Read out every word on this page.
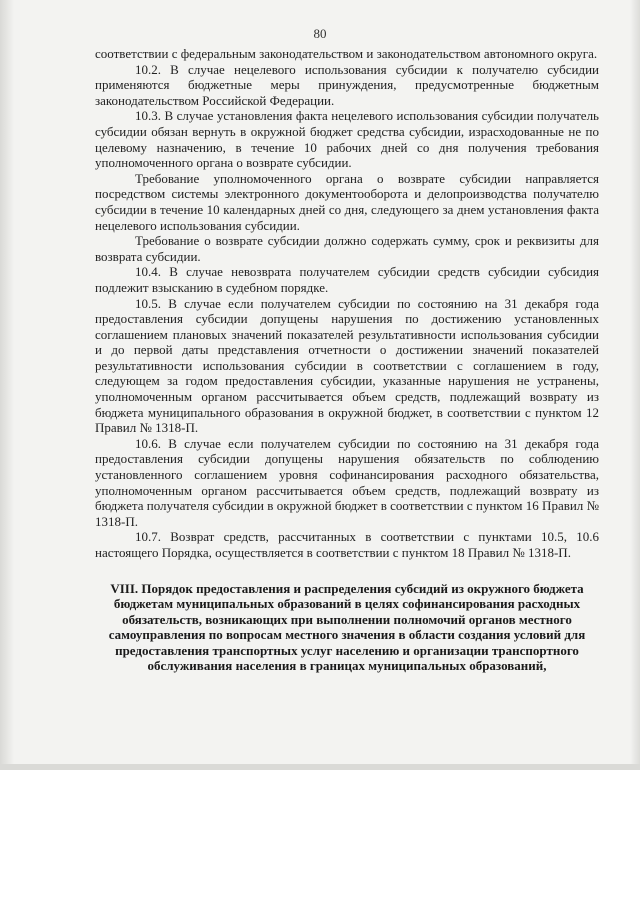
80

соответствии с федеральным законодательством и законодательством автономного округа.

10.2. В случае нецелевого использования субсидии к получателю субсидии применяются бюджетные меры принуждения, предусмотренные бюджетным законодательством Российской Федерации.

10.3. В случае установления факта нецелевого использования субсидии получатель субсидии обязан вернуть в окружной бюджет средства субсидии, израсходованные не по целевому назначению, в течение 10 рабочих дней со дня получения требования уполномоченного органа о возврате субсидии.

Требование уполномоченного органа о возврате субсидии направляется посредством системы электронного документооборота и делопроизводства получателю субсидии в течение 10 календарных дней со дня, следующего за днем установления факта нецелевого использования субсидии.

Требование о возврате субсидии должно содержать сумму, срок и реквизиты для возврата субсидии.

10.4. В случае невозврата получателем субсидии средств субсидии субсидия подлежит взысканию в судебном порядке.

10.5. В случае если получателем субсидии по состоянию на 31 декабря года предоставления субсидии допущены нарушения по достижению установленных соглашением плановых значений показателей результативности использования субсидии и до первой даты представления отчетности о достижении значений показателей результативности использования субсидии в соответствии с соглашением в году, следующем за годом предоставления субсидии, указанные нарушения не устранены, уполномоченным органом рассчитывается объем средств, подлежащий возврату из бюджета муниципального образования в окружной бюджет, в соответствии с пунктом 12 Правил № 1318-П.

10.6. В случае если получателем субсидии по состоянию на 31 декабря года предоставления субсидии допущены нарушения обязательств по соблюдению установленного соглашением уровня софинансирования расходного обязательства, уполномоченным органом рассчитывается объем средств, подлежащий возврату из бюджета получателя субсидии в окружной бюджет в соответствии с пунктом 16 Правил № 1318-П.

10.7. Возврат средств, рассчитанных в соответствии с пунктами 10.5, 10.6 настоящего Порядка, осуществляется в соответствии с пунктом 18 Правил № 1318-П.

VIII. Порядок предоставления и распределения субсидий из окружного бюджета бюджетам муниципальных образований в целях софинансирования расходных обязательств, возникающих при выполнении полномочий органов местного самоуправления по вопросам местного значения в области создания условий для предоставления транспортных услуг населению и организации транспортного обслуживания населения в границах муниципальных образований,
